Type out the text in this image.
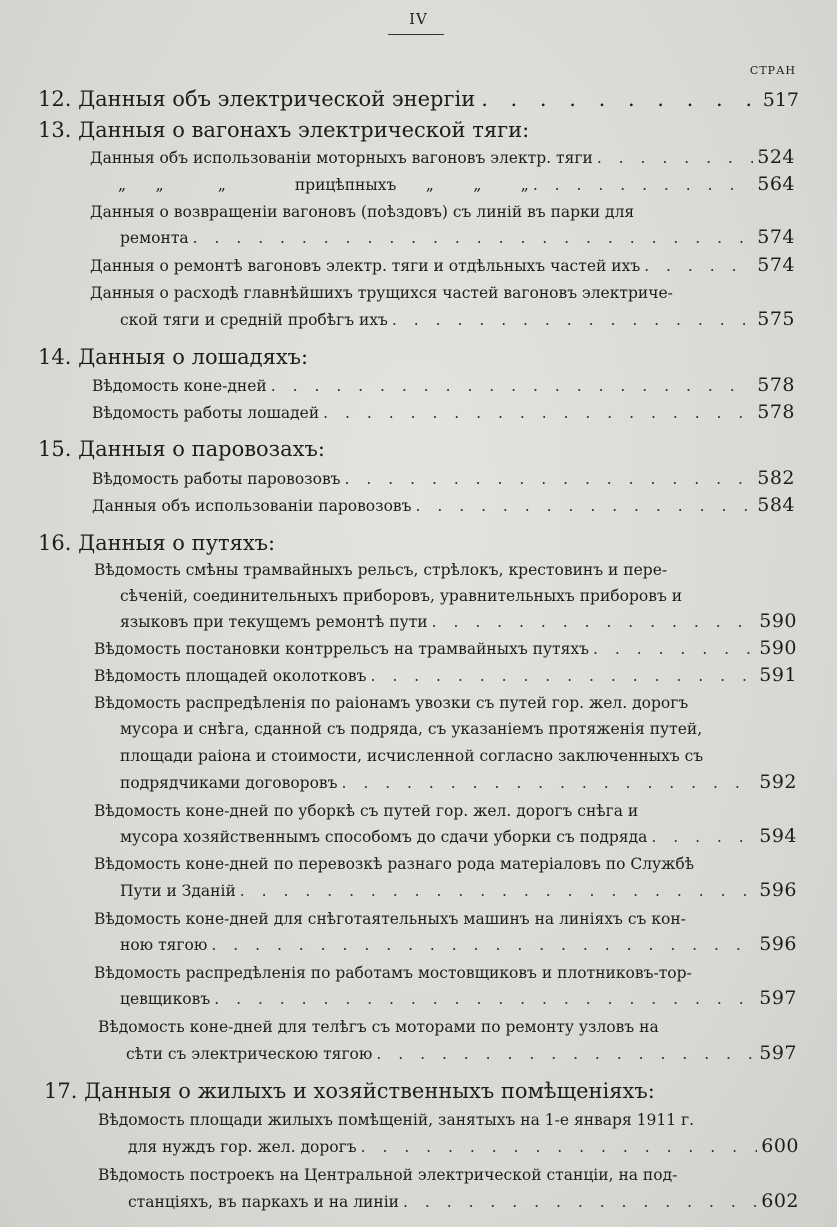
IV
СТРАН
12. Данныя объ электрической энергіи . . .	517
13. Данныя о вагонахъ электрической тяги:
Данныя объ использованіи моторныхъ вагоновъ электр. тяги . . .	524
„      „           „              прицѣпныхъ      „        „        „ . . .	564
Данныя о возвращеніи вагоновъ (поѣздовъ) съ линій въ парки для
ремонта . . .	574
Данныя о ремонтѣ вагоновъ электр. тяги и отдѣльныхъ частей ихъ . . .	574
Данныя о расходѣ главнѣйшихъ трущихся частей вагоновъ электриче-
ской тяги и средній пробѣгъ ихъ . . .	575
14. Данныя о лошадяхъ:
Вѣдомость коне-дней . . .	578
Вѣдомость работы лошадей . . .	578
15. Данныя о паровозахъ:
Вѣдомость работы паровозовъ . . .	582
Данныя объ использованіи паровозовъ . . .	584
16. Данныя о путяхъ:
Вѣдомость смѣны трамвайныхъ рельсъ, стрѣлокъ, крестовинъ и пере-
сѣченій, соединительныхъ приборовъ, уравнительныхъ приборовъ и
языковъ при текущемъ ремонтѣ пути . . .	590
Вѣдомость постановки контррельсъ на трамвайныхъ путяхъ . . .	590
Вѣдомость площадей околотковъ . . .	591
Вѣдомость распредѣленія по раіонамъ увозки съ путей гор. жел. дорогъ
мусора и снѣга, сданной съ подряда, съ указаніемъ протяженія путей,
площади раіона и стоимости, исчисленной согласно заключенныхъ съ
подрядчиками договоровъ . . .	592
Вѣдомость коне-дней по уборкѣ съ путей гор. жел. дорогъ снѣга и
мусора хозяйственнымъ способомъ до сдачи уборки съ подряда . . .	594
Вѣдомость коне-дней по перевозкѣ разнаго рода матеріаловъ по Службѣ
Пути и Зданій . . .	596
Вѣдомость коне-дней для снѣготаятельныхъ машинъ на линіяхъ съ кон-
ною тягою . . .	596
Вѣдомость распредѣленія по работамъ мостовщиковъ и плотниковъ-тор-
цевщиковъ . . .	597
Вѣдомость коне-дней для телѣгъ съ моторами по ремонту узловъ на
сѣти съ электрическою тягою . . .	597
17. Данныя о жилыхъ и хозяйственныхъ помѣщеніяхъ:
Вѣдомость площади жилыхъ помѣщеній, занятыхъ на 1-е января 1911 г.
для нуждъ гор. жел. дорогъ . . .	600
Вѣдомость построекъ на Центральной электрической станціи, на под-
станціяхъ, въ паркахъ и на линіи . . .	602
